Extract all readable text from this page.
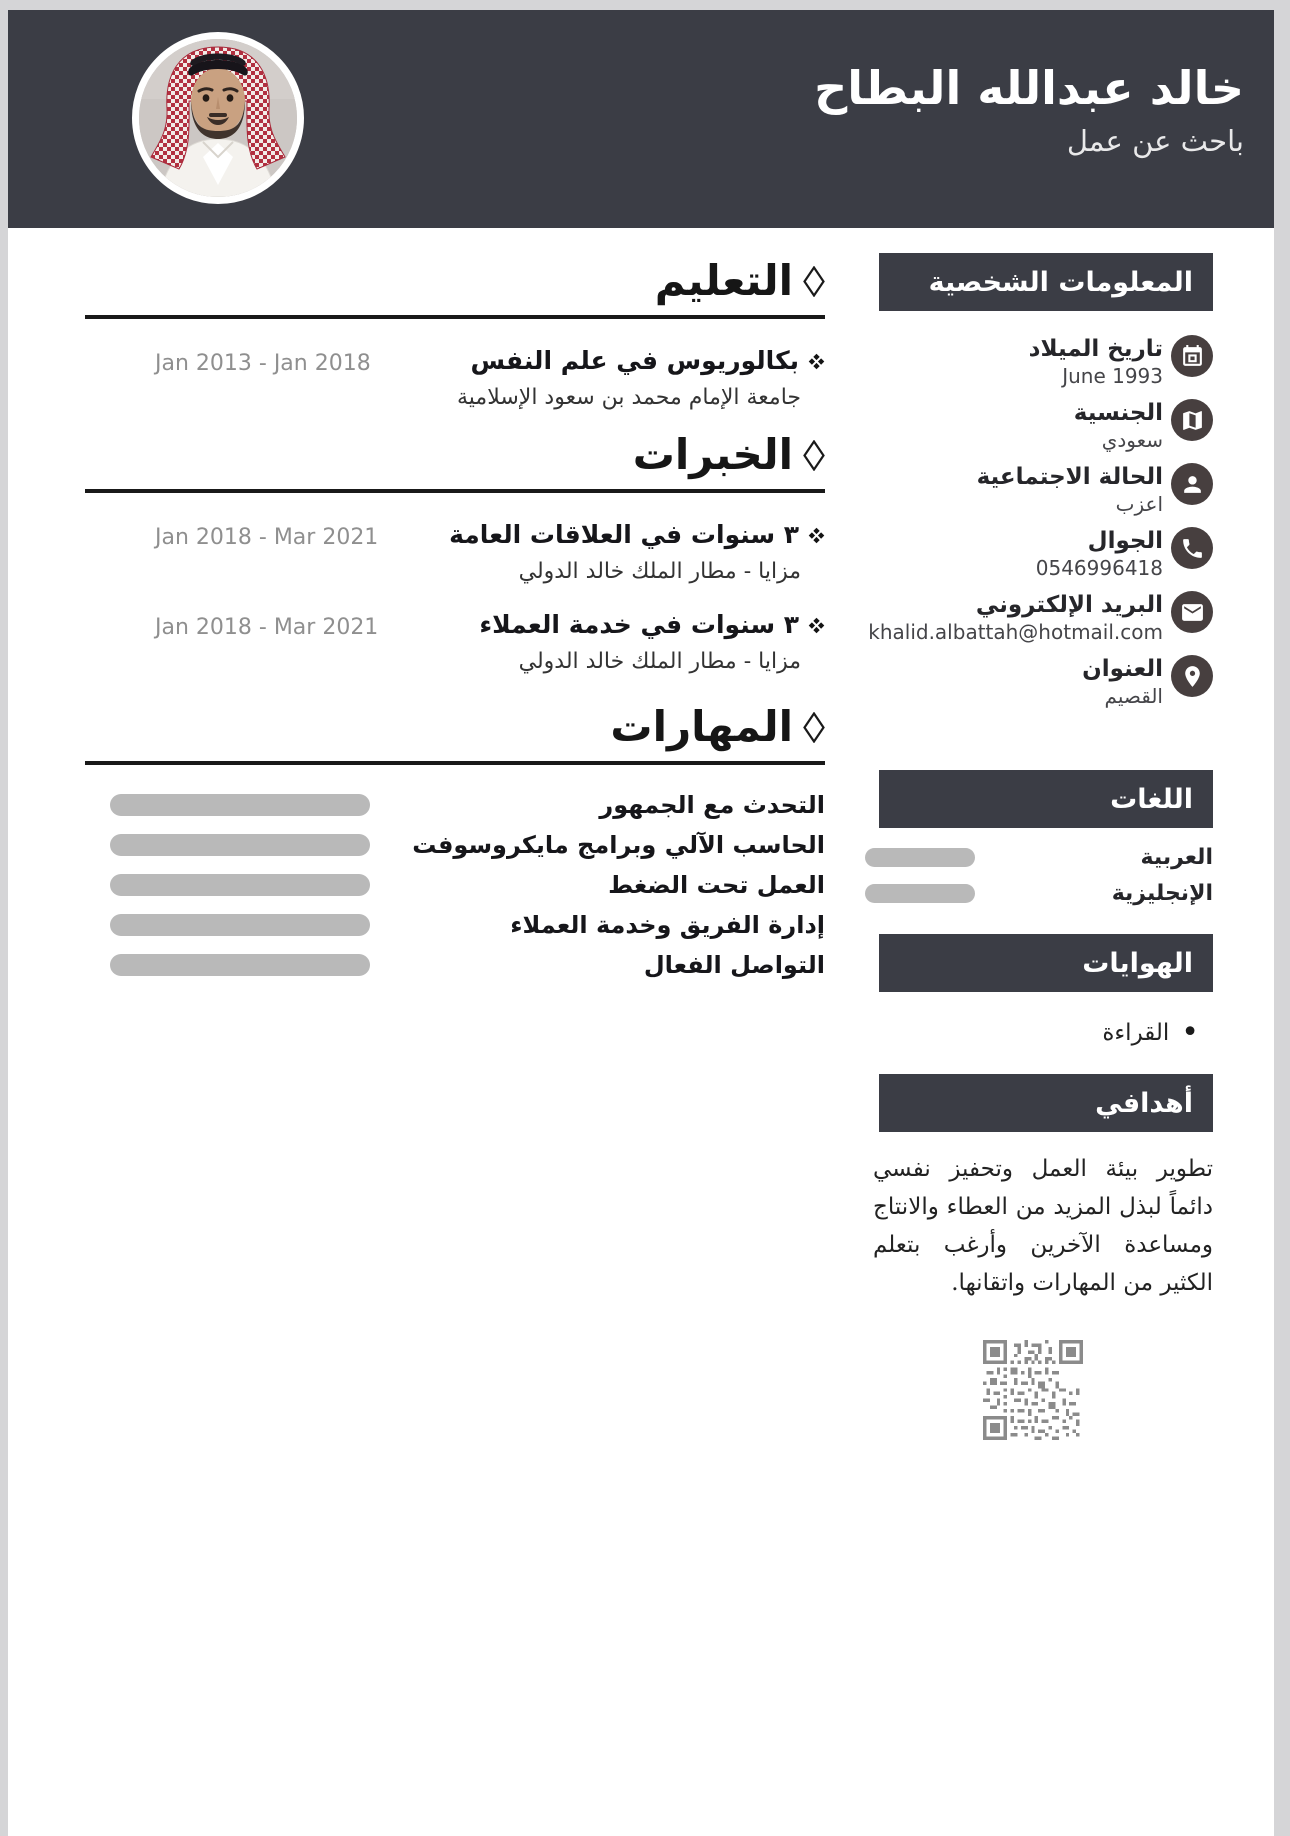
خالد عبدالله البطاح
باحث عن عمل
المعلومات الشخصية
تاريخ الميلاد
June 1993
الجنسية
سعودي
الحالة الاجتماعية
اعزب
الجوال
0546996418
البريد الإلكتروني
khalid.albattah@hotmail.com
العنوان
القصيم
اللغات
العربية
الإنجليزية
الهوايات
•
القراءة
أهدافي
تطوير بيئة العمل وتحفيز نفسي دائماً لبذل المزيد من العطاء والانتاج ومساعدة الآخرين وأرغب بتعلم الكثير من المهارات واتقانها.
التعليم
بكالوريوس في علم النفس
Jan 2013 - Jan 2018
جامعة الإمام محمد بن سعود الإسلامية
الخبرات
٣ سنوات في العلاقات العامة
Jan 2018 - Mar 2021
مزايا - مطار الملك خالد الدولي
٣ سنوات في خدمة العملاء
Jan 2018 - Mar 2021
مزايا - مطار الملك خالد الدولي
المهارات
التحدث مع الجمهور
الحاسب الآلي وبرامج مايكروسوفت
العمل تحت الضغط
إدارة الفريق وخدمة العملاء
التواصل الفعال
